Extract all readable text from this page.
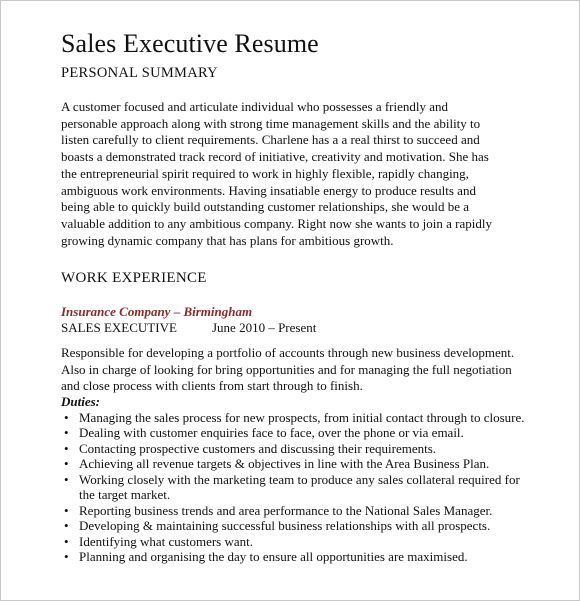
Sales Executive Resume
PERSONAL SUMMARY

A customer focused and articulate individual who possesses a friendly and
personable approach along with strong time management skills and the ability to
listen carefully to client requirements. Charlene has a a real thirst to succeed and
boasts a demonstrated track record of initiative, creativity and motivation. She has
the entrepreneurial spirit required to work in highly flexible, rapidly changing,
ambiguous work environments. Having insatiable energy to produce results and
being able to quickly build outstanding customer relationships, she would be a
valuable addition to any ambitious company. Right now she wants to join a rapidly
growing dynamic company that has plans for ambitious growth.

WORK EXPERIENCE
Insurance Company – Birmingham
SALES EXECUTIVE	June 2010 – Present

Responsible for developing a portfolio of accounts through new business development.
Also in charge of looking for bring opportunities and for managing the full negotiation
and close process with clients from start through to finish.

Duties:
• Managing the sales process for new prospects, from initial contact through to closure.
• Dealing with customer enquiries face to face, over the phone or via email.
• Contacting prospective customers and discussing their requirements.
• Achieving all revenue targets & objectives in line with the Area Business Plan.
• Working closely with the marketing team to produce any sales collateral required for
the target market.
• Reporting business trends and area performance to the National Sales Manager.
• Developing & maintaining successful business relationships with all prospects.
• Identifying what customers want.
• Planning and organising the day to ensure all opportunities are maximised.
